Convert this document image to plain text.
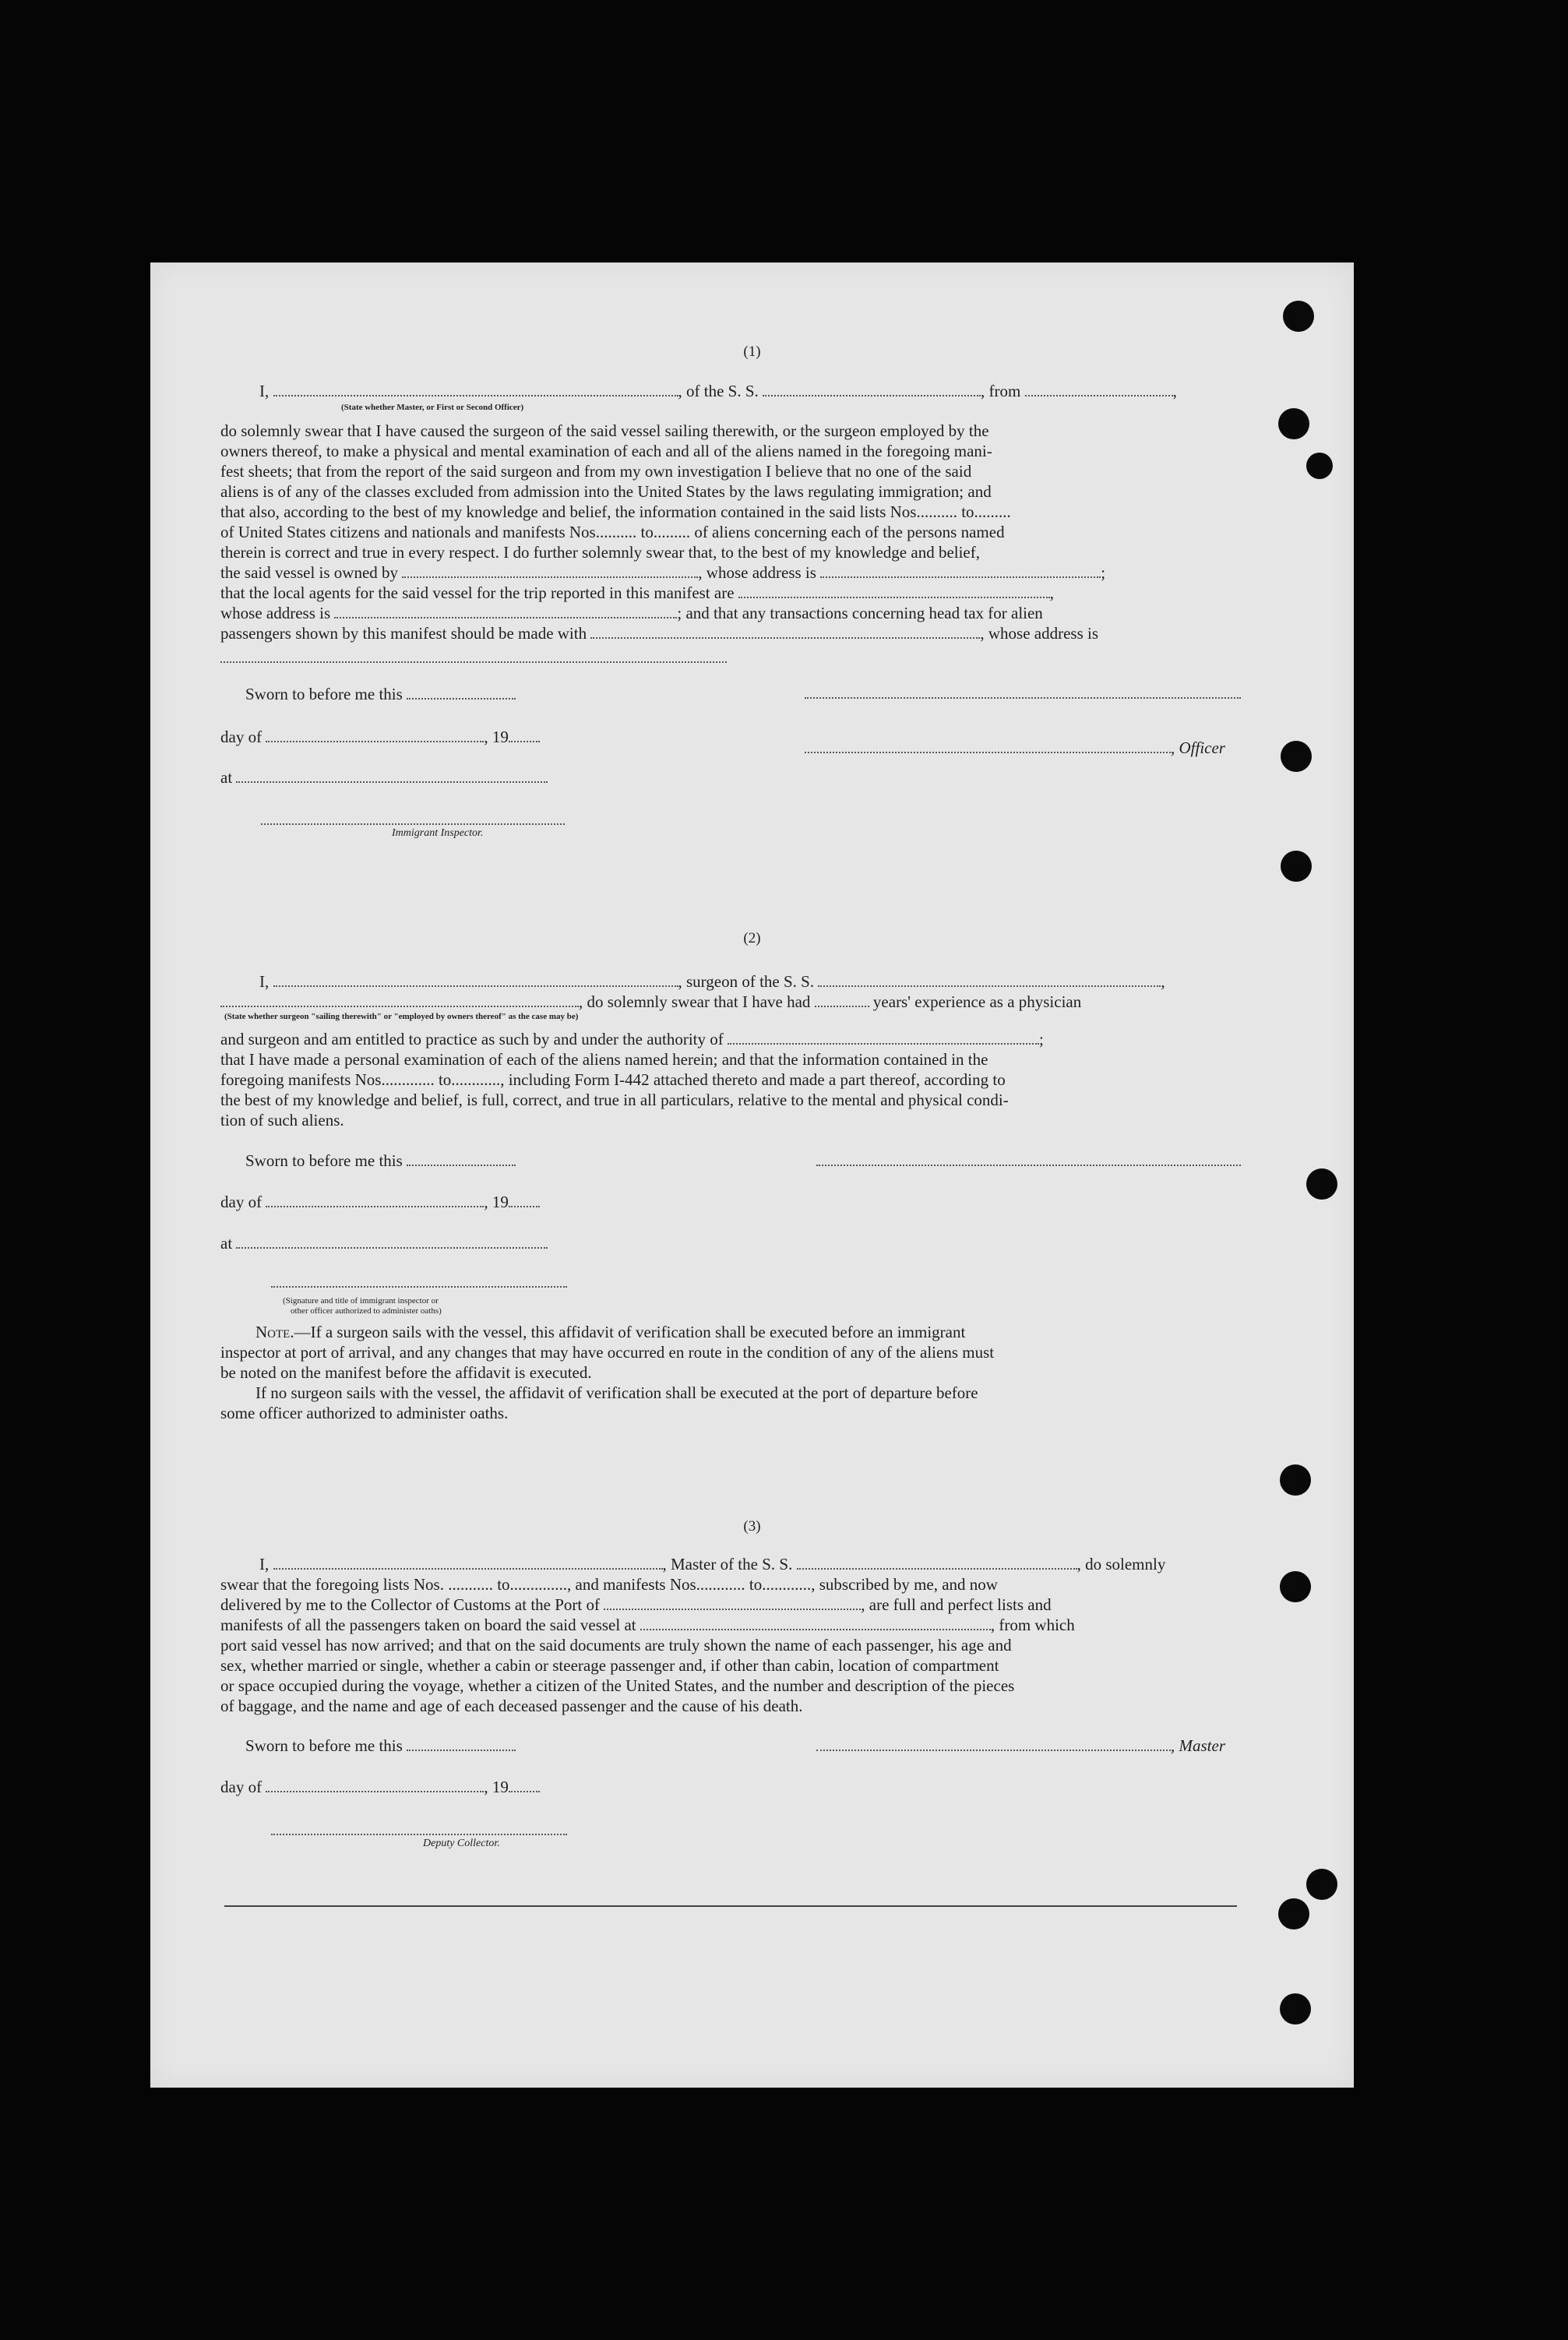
(1)
I,	, of the S. S.	, from	,
(State whether Master, or First or Second Officer)
do solemnly swear that I have caused the surgeon of the said vessel sailing therewith, or the surgeon employed by the
owners thereof, to make a physical and mental examination of each and all of the aliens named in the foregoing mani-
fest sheets; that from the report of the said surgeon and from my own investigation I believe that no one of the said
aliens is of any of the classes excluded from admission into the United States by the laws regulating immigration; and
that also, according to the best of my knowledge and belief, the information contained in the said lists Nos.......... to.........
of United States citizens and nationals and manifests Nos.......... to......... of aliens concerning each of the persons named
therein is correct and true in every respect. I do further solemnly swear that, to the best of my knowledge and belief,
the said vessel is owned by	, whose address is	;
that the local agents for the said vessel for the trip reported in this manifest are	,
whose address is	; and that any transactions concerning head tax for alien
passengers shown by this manifest should be made with	, whose address is
Sworn to before me this
day of	, 19
, Officer
at
Immigrant Inspector.
(2)
I,	, surgeon of the S. S.	,
, do solemnly swear that I have had	years' experience as a physician
(State whether surgeon "sailing therewith" or "employed by owners thereof" as the case may be)
and surgeon and am entitled to practice as such by and under the authority of	;
that I have made a personal examination of each of the aliens named herein; and that the information contained in the
foregoing manifests Nos............. to............, including Form I-442 attached thereto and made a part thereof, according to
the best of my knowledge and belief, is full, correct, and true in all particulars, relative to the mental and physical condi-
tion of such aliens.
Sworn to before me this
day of	, 19
at
(Signature and title of immigrant inspector or
other officer authorized to administer oaths)
Note.—If a surgeon sails with the vessel, this affidavit of verification shall be executed before an immigrant
inspector at port of arrival, and any changes that may have occurred en route in the condition of any of the aliens must
be noted on the manifest before the affidavit is executed.
If no surgeon sails with the vessel, the affidavit of verification shall be executed at the port of departure before
some officer authorized to administer oaths.
(3)
I,	, Master of the S. S.	, do solemnly
swear that the foregoing lists Nos. ........... to.............., and manifests Nos............ to............, subscribed by me, and now
delivered by me to the Collector of Customs at the Port of	, are full and perfect lists and
manifests of all the passengers taken on board the said vessel at	, from which
port said vessel has now arrived; and that on the said documents are truly shown the name of each passenger, his age and
sex, whether married or single, whether a cabin or steerage passenger and, if other than cabin, location of compartment
or space occupied during the voyage, whether a citizen of the United States, and the number and description of the pieces
of baggage, and the name and age of each deceased passenger and the cause of his death.
Sworn to before me this	, Master
day of	, 19
Deputy Collector.
